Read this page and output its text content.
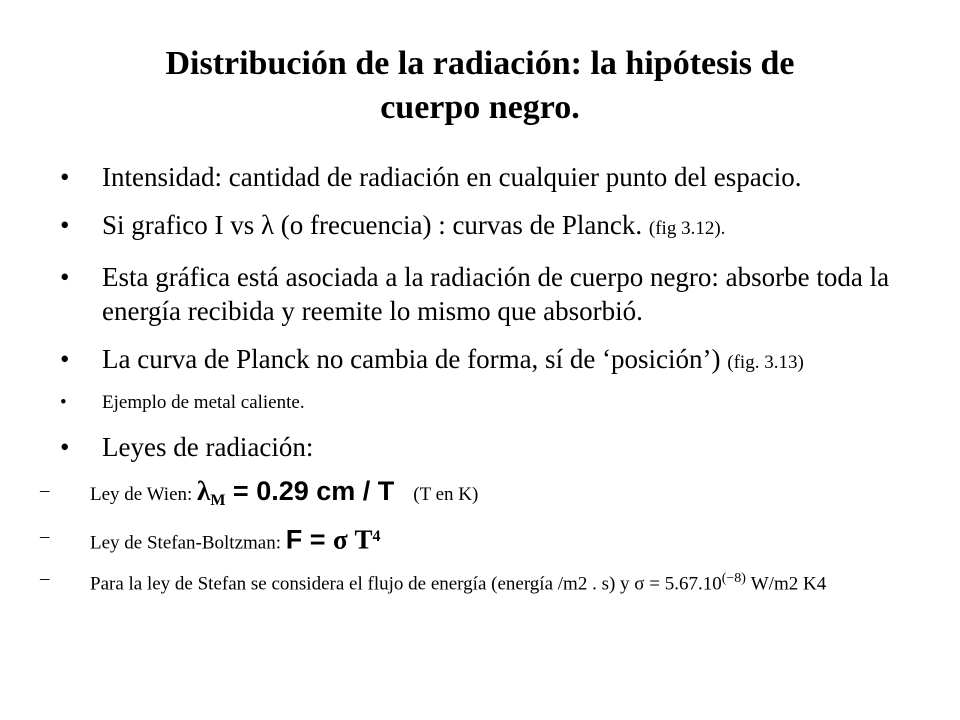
Distribución de la radiación: la hipótesis de
cuerpo negro.
• Intensidad: cantidad de radiación en cualquier punto del espacio.
• Si grafico I vs λ (o frecuencia) : curvas de Planck. (fig 3.12).
• Esta gráfica está asociada a la radiación de cuerpo negro: absorbe toda la energía recibida y reemite lo mismo que absorbió.
• La curva de Planck no cambia de forma, sí de ‘posición’) (fig. 3.13)
• Ejemplo de metal caliente.
• Leyes de radiación:
– Ley de Wien: $\lambda_M = 0.29$ cm / T (T en K)
– Ley de Stefan-Boltzman: F = σ $T^4$
– Para la ley de Stefan se considera el flujo de energía (energía /m2 . s) y $\sigma = 5.67.10^{(-8)}$ W/m2 K4
